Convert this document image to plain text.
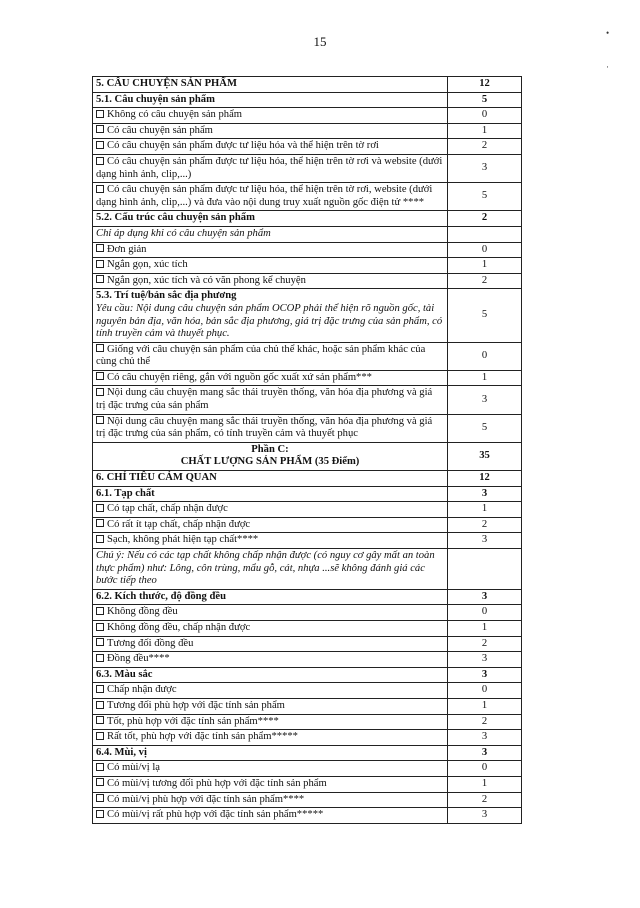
15
•
·
5. CÂU CHUYỆN SẢN PHẨM	12
5.1. Câu chuyện sản phẩm	5
Không có câu chuyện sản phẩm	0
Có câu chuyện sản phẩm	1
Có câu chuyện sản phẩm được tư liệu hóa và thể hiện trên tờ rơi	2
Có câu chuyện sản phẩm được tư liệu hóa, thể hiện trên tờ rơi và website (dưới dạng hình ảnh, clip,...)	3
Có câu chuyện sản phẩm được tư liệu hóa, thể hiện trên tờ rơi, website (dưới dạng hình ảnh, clip,...) và đưa vào nội dung truy xuất nguồn gốc điện tử ****	5
5.2. Cấu trúc câu chuyện sản phẩm	2
Chỉ áp dụng khi có câu chuyện sản phẩm	
Đơn giản	0
Ngắn gọn, xúc tích	1
Ngắn gọn, xúc tích và có văn phong kể chuyện	2

5.3. Trí tuệ/bản sắc địa phương
Yêu cầu: Nội dung câu chuyện sản phẩm OCOP phải thể hiện rõ nguồn gốc, tài nguyên bản địa, văn hóa, bản sắc địa phương, giá trị đặc trưng của sản phẩm, có tính truyền cảm và thuyết phục.	5
Giống với câu chuyện sản phẩm của chủ thể khác, hoặc sản phẩm khác của cùng chủ thể	0
Có câu chuyện riêng, gắn với nguồn gốc xuất xứ sản phẩm***	1
Nội dung câu chuyện mang sắc thái truyền thống, văn hóa địa phương và giá trị đặc trưng của sản phẩm	3
Nội dung câu chuyện mang sắc thái truyền thống, văn hóa địa phương và giá trị đặc trưng của sản phẩm, có tính truyền cảm và thuyết phục	5

Phần C:
CHẤT LƯỢNG SẢN PHẨM (35 Điểm)	35
6. CHỈ TIÊU CẢM QUAN	12
6.1. Tạp chất	3
Có tạp chất, chấp nhận được	1
Có rất ít tạp chất, chấp nhận được	2
Sạch, không phát hiện tạp chất****	3
Chú ý: Nếu có các tạp chất không chấp nhận được (có nguy cơ gây mất an toàn thực phẩm) như: Lông, côn trùng, mẩu gỗ, cát, nhựa ...sẽ không đánh giá các bước tiếp theo	
6.2. Kích thước, độ đồng đều	3
Không đồng đều	0
Không đồng đều, chấp nhận được	1
Tương đối đồng đều	2
Đồng đều****	3
6.3. Màu sắc	3
Chấp nhận được	0
Tương đối phù hợp với đặc tính sản phẩm	1
Tốt, phù hợp với đặc tính sản phẩm****	2
Rất tốt, phù hợp với đặc tính sản phẩm*****	3
6.4. Mùi, vị	3
Có mùi/vị lạ	0
Có mùi/vị tương đối phù hợp với đặc tính sản phẩm	1
Có mùi/vị phù hợp với đặc tính sản phẩm****	2
Có mùi/vị rất phù hợp với đặc tính sản phẩm*****	3
